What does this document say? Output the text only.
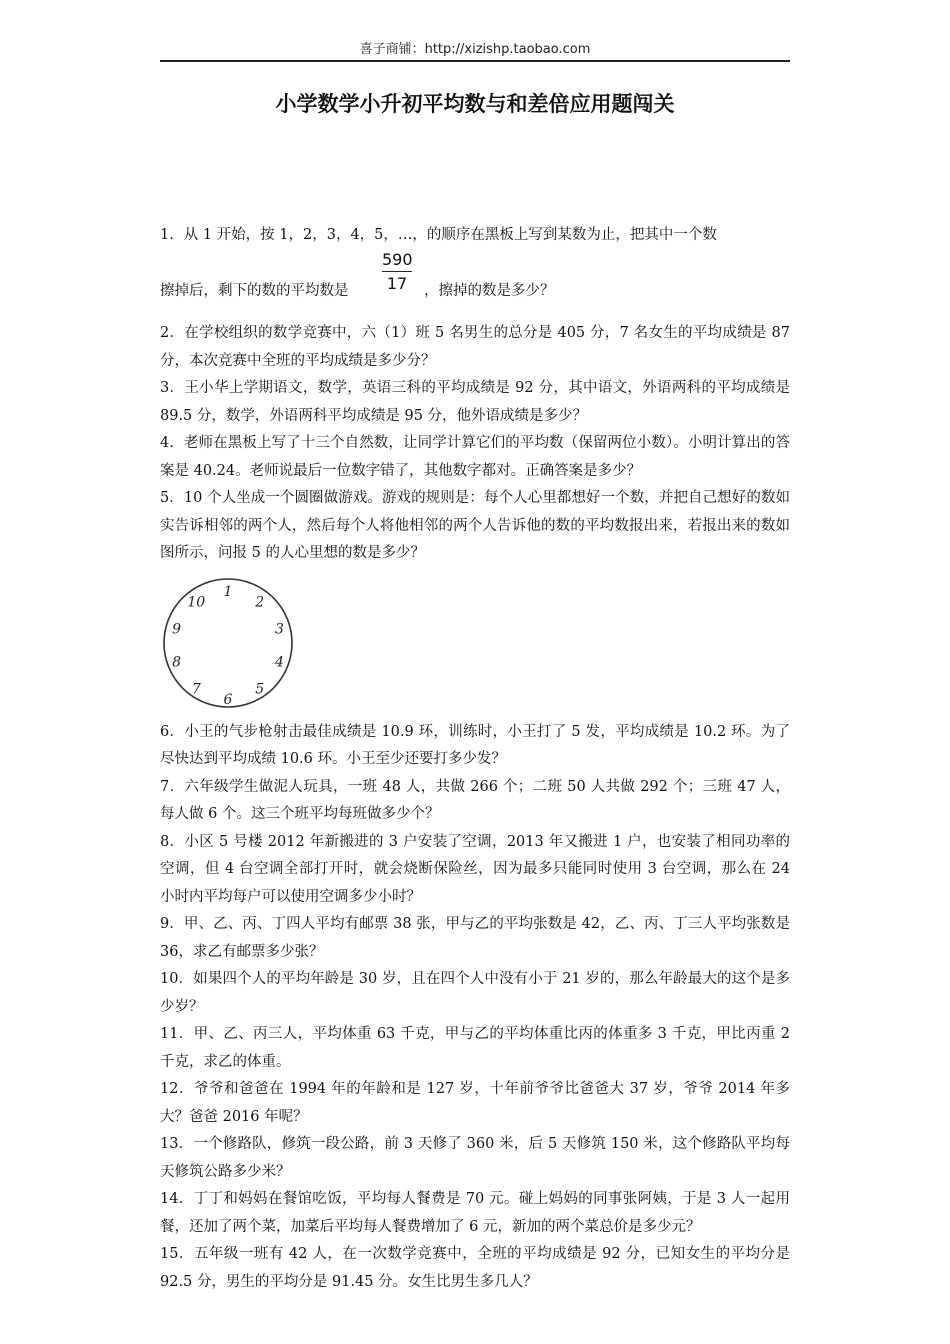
喜子商铺：http://xizishp.taobao.com
小学数学小升初平均数与和差倍应用题闯关

1．从 1 开始，按 1，2，3，4，5，…，的顺序在黑板上写到某数为止，把其中一个数

擦掉后，剩下的数的平均数是

590
17	，擦掉的数是多少？

2．在学校组织的数学竞赛中，六（1）班 5 名男生的总分是 405 分，7 名女生的平均成绩是 87 分，本次竞赛中全班的平均成绩是多少分？

3．王小华上学期语文，数学，英语三科的平均成绩是 92 分，其中语文，外语两科的平均成绩是 89.5 分，数学，外语两科平均成绩是 95 分，他外语成绩是多少？

4．老师在黑板上写了十三个自然数，让同学计算它们的平均数（保留两位小数）。小明计算出的答案是 40.24。老师说最后一位数字错了，其他数字都对。正确答案是多少？

5．10 个人坐成一个圆圈做游戏。游戏的规则是：每个人心里都想好一个数，并把自己想好的数如实告诉相邻的两个人，然后每个人将他相邻的两个人告诉他的数的平均数报出来，若报出来的数如图所示，问报 5 的人心里想的数是多少？

1
2
3
4
5
6
7
8
9
10

6．小王的气步枪射击最佳成绩是 10.9 环，训练时，小王打了 5 发，平均成绩是 10.2 环。为了尽快达到平均成绩 10.6 环。小王至少还要打多少发？

7．六年级学生做泥人玩具，一班 48 人，共做 266 个；二班 50 人共做 292 个；三班 47 人，每人做 6 个。这三个班平均每班做多少个？

8．小区 5 号楼 2012 年新搬进的 3 户安装了空调，2013 年又搬进 1 户，也安装了相同功率的空调，但 4 台空调全部打开时，就会烧断保险丝，因为最多只能同时使用 3 台空调，那么在 24 小时内平均每户可以使用空调多少小时？

9．甲、乙、丙、丁四人平均有邮票 38 张，甲与乙的平均张数是 42，乙、丙、丁三人平均张数是 36，求乙有邮票多少张？

10．如果四个人的平均年龄是 30 岁，且在四个人中没有小于 21 岁的，那么年龄最大的这个是多少岁？

11．甲、乙、丙三人，平均体重 63 千克，甲与乙的平均体重比丙的体重多 3 千克，甲比丙重 2 千克，求乙的体重。

12．爷爷和爸爸在 1994 年的年龄和是 127 岁，十年前爷爷比爸爸大 37 岁，爷爷 2014 年多大？爸爸 2016 年呢？

13．一个修路队，修筑一段公路，前 3 天修了 360 米，后 5 天修筑 150 米，这个修路队平均每天修筑公路多少米？

14．丁丁和妈妈在餐馆吃饭，平均每人餐费是 70 元。碰上妈妈的同事张阿姨，于是 3 人一起用餐，还加了两个菜，加菜后平均每人餐费增加了 6 元，新加的两个菜总价是多少元？

15．五年级一班有 42 人，在一次数学竞赛中，全班的平均成绩是 92 分，已知女生的平均分是 92.5 分，男生的平均分是 91.45 分。女生比男生多几人？
